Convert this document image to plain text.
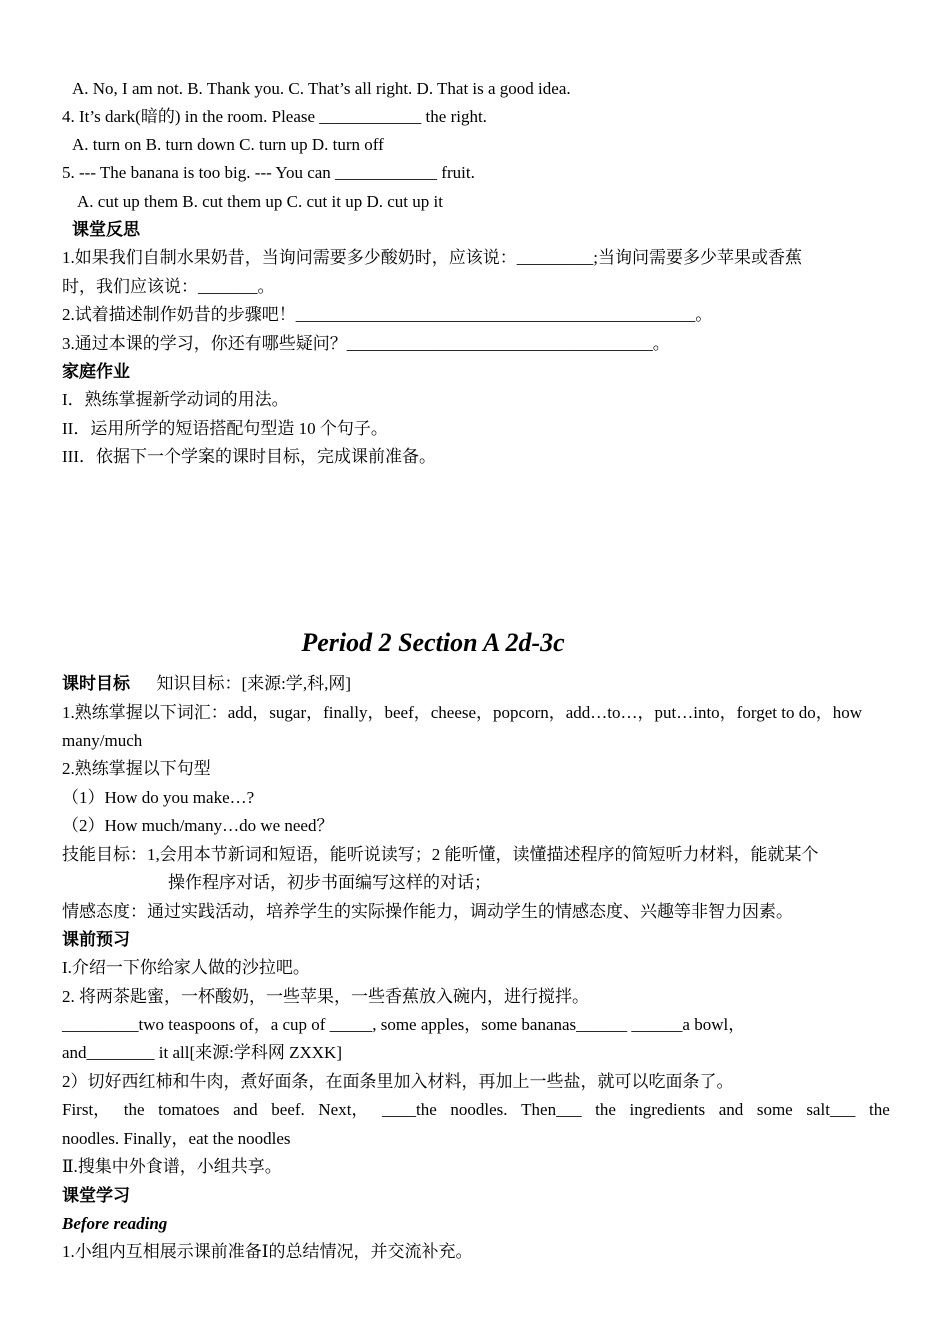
A. No, I am not. B. Thank you. C. That’s all right. D. That is a good idea.
4. It’s dark(暗的) in the room. Please ____________ the right.
A. turn on B. turn down C. turn up D. turn off
5. --- The banana is too big. --- You can ____________ fruit.
A. cut up them B. cut them up C. cut it up D. cut up it
课堂反思
1.如果我们自制水果奶昔，当询问需要多少酸奶时，应该说：_________;当询问需要多少苹果或香蕉
时，我们应该说：_______。
2.试着描述制作奶昔的步骤吧！_______________________________________________。
3.通过本课的学习，你还有哪些疑问？____________________________________。
家庭作业
I．熟练掌握新学动词的用法。
II．运用所学的短语搭配句型造 10 个句子。
III．依据下一个学案的课时目标，完成课前准备。
Period 2 Section A 2d-3c
课时目标 知识目标：[来源:学,科,网]
1.熟练掌握以下词汇：add，sugar，finally，beef，cheese，popcorn，add…to…，put…into，forget to do，how
many/much
2.熟练掌握以下句型
（1）How do you make…?
（2）How much/many…do we need？
技能目标：1,会用本节新词和短语，能听说读写；2 能听懂，读懂描述程序的简短听力材料，能就某个
操作程序对话，初步书面编写这样的对话；
情感态度：通过实践活动，培养学生的实际操作能力，调动学生的情感态度、兴趣等非智力因素。
课前预习
I.介绍一下你给家人做的沙拉吧。
2. 将两茶匙蜜，一杯酸奶，一些苹果，一些香蕉放入碗内，进行搅拌。
_________two teaspoons of，a cup of _____, some apples，some bananas______ ______a bowl，
and________ it all[来源:学科网 ZXXK]
2）切好西红柿和牛肉，煮好面条，在面条里加入材料，再加上一些盐，就可以吃面条了。
First， the tomatoes and beef. Next， ____the noodles. Then___ the ingredients and some salt___ the
noodles. Finally，eat the noodles
Ⅱ.搜集中外食谱，小组共享。
课堂学习
Before reading
1.小组内互相展示课前准备Ⅰ的总结情况，并交流补充。
